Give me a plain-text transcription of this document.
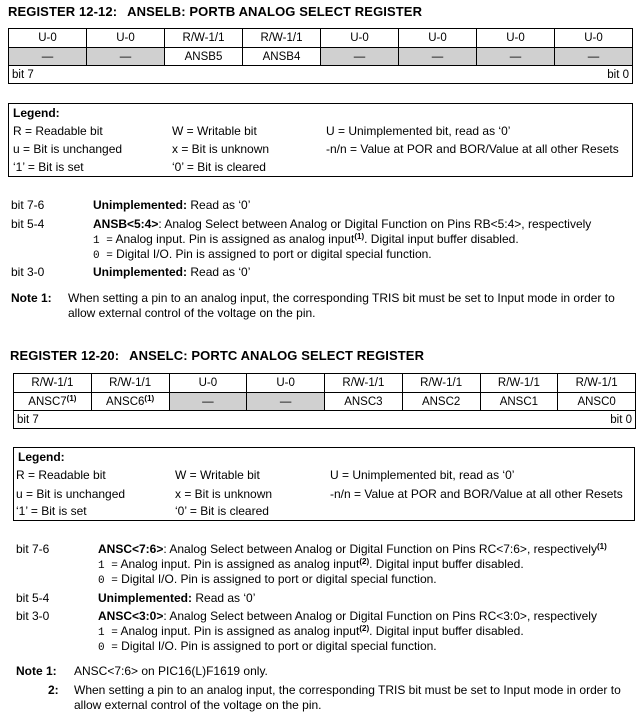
REGISTER 12-12: ANSELB: PORTB ANALOG SELECT REGISTER
U-0	U-0	R/W-1/1	R/W-1/1	U-0	U-0	U-0	U-0
—	—	ANSB5	ANSB4	—	—	—	—

bit 7 bit 0							
Legend:
R = Readable bit	W = Writable bit	U = Unimplemented bit, read as ‘0’
u = Bit is unchanged	x = Bit is unknown	-n/n = Value at POR and BOR/Value at all other Resets
‘1’ = Bit is set	‘0’ = Bit is cleared
bit 7-6	Unimplemented: Read as ‘0’
bit 5-4	ANSB<5:4>: Analog Select between Analog or Digital Function on Pins RB<5:4>, respectively
1 = Analog input. Pin is assigned as analog input$^{(1)}$. Digital input buffer disabled.
0 = Digital I/O. Pin is assigned to port or digital special function.
bit 3-0	Unimplemented: Read as ‘0’
Note 1: When setting a pin to an analog input, the corresponding TRIS bit must be set to Input mode in order to
allow external control of the voltage on the pin.
REGISTER 12-20: ANSELC: PORTC ANALOG SELECT REGISTER
R/W-1/1	R/W-1/1	U-0	U-0	R/W-1/1	R/W-1/1	R/W-1/1	R/W-1/1
ANSC7$^{(1)}$	ANSC6$^{(1)}$	—	—	ANSC3	ANSC2	ANSC1	ANSC0

bit 7 bit 0							
Legend:
R = Readable bit	W = Writable bit	U = Unimplemented bit, read as ‘0’
u = Bit is unchanged	x = Bit is unknown	-n/n = Value at POR and BOR/Value at all other Resets
‘1’ = Bit is set	‘0’ = Bit is cleared
bit 7-6	ANSC<7:6>: Analog Select between Analog or Digital Function on Pins RC<7:6>, respectively$^{(1)}$
1 = Analog input. Pin is assigned as analog input$^{(2)}$. Digital input buffer disabled.
0 = Digital I/O. Pin is assigned to port or digital special function.
bit 5-4	Unimplemented: Read as ‘0’
bit 3-0	ANSC<3:0>: Analog Select between Analog or Digital Function on Pins RC<3:0>, respectively
1 = Analog input. Pin is assigned as analog input$^{(2)}$. Digital input buffer disabled.
0 = Digital I/O. Pin is assigned to port or digital special function.
Note 1: ANSC<7:6> on PIC16(L)F1619 only.
2: When setting a pin to an analog input, the corresponding TRIS bit must be set to Input mode in order to
allow external control of the voltage on the pin.
